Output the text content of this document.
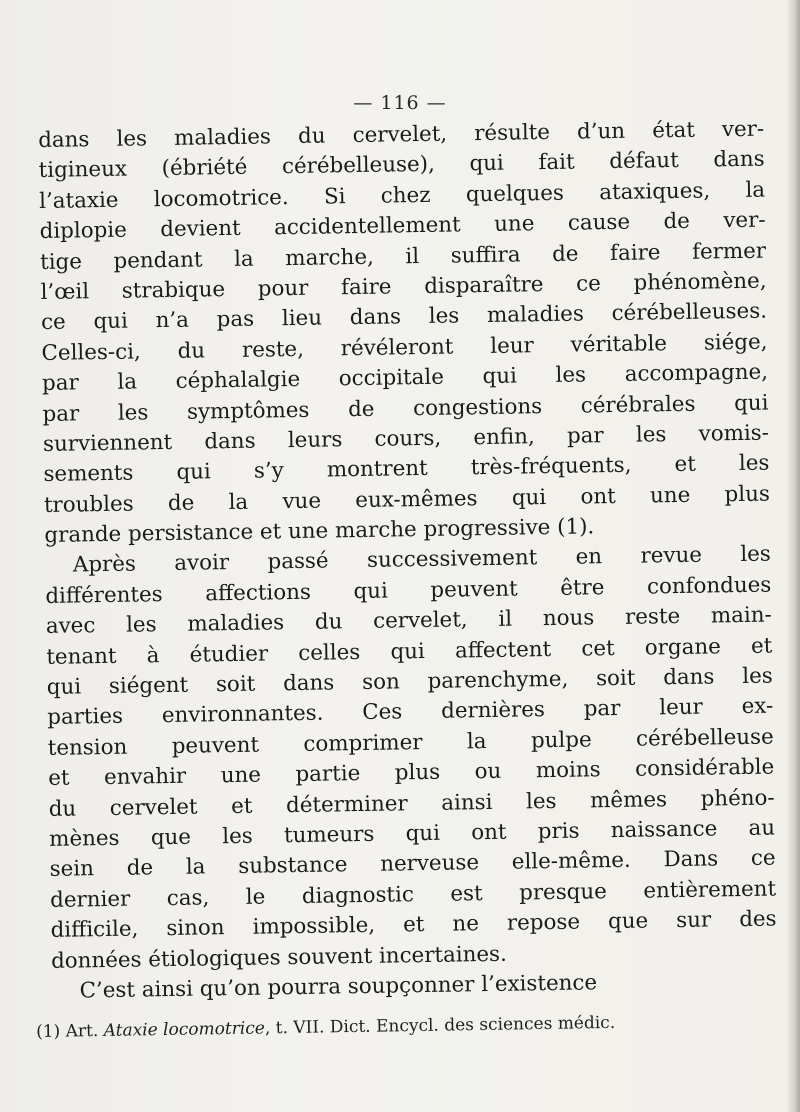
— 116 —
dans les maladies du cervelet, résulte d’un état ver-
tigineux (ébriété cérébelleuse), qui fait défaut dans
l’ataxie locomotrice. Si chez quelques ataxiques, la
diplopie devient accidentellement une cause de ver-
tige pendant la marche, il suffira de faire fermer
l’œil strabique pour faire disparaître ce phénomène,
ce qui n’a pas lieu dans les maladies cérébelleuses.
Celles-ci, du reste, révéleront leur véritable siége,
par la céphalalgie occipitale qui les accompagne,
par les symptômes de congestions cérébrales qui
surviennent dans leurs cours, enfin, par les vomis-
sements qui s’y montrent très-fréquents, et les
troubles de la vue eux-mêmes qui ont une plus
grande persistance et une marche progressive (1).
Après avoir passé successivement en revue les
différentes affections qui peuvent être confondues
avec les maladies du cervelet, il nous reste main-
tenant à étudier celles qui affectent cet organe et
qui siégent soit dans son parenchyme, soit dans les
parties environnantes. Ces dernières par leur ex-
tension peuvent comprimer la pulpe cérébelleuse
et envahir une partie plus ou moins considérable
du cervelet et déterminer ainsi les mêmes phéno-
mènes que les tumeurs qui ont pris naissance au
sein de la substance nerveuse elle-même. Dans ce
dernier cas, le diagnostic est presque entièrement
difficile, sinon impossible, et ne repose que sur des
données étiologiques souvent incertaines.
C’est ainsi qu’on pourra soupçonner l’existence
(1) Art. Ataxie locomotrice, t. VII. Dict. Encycl. des sciences médic.
